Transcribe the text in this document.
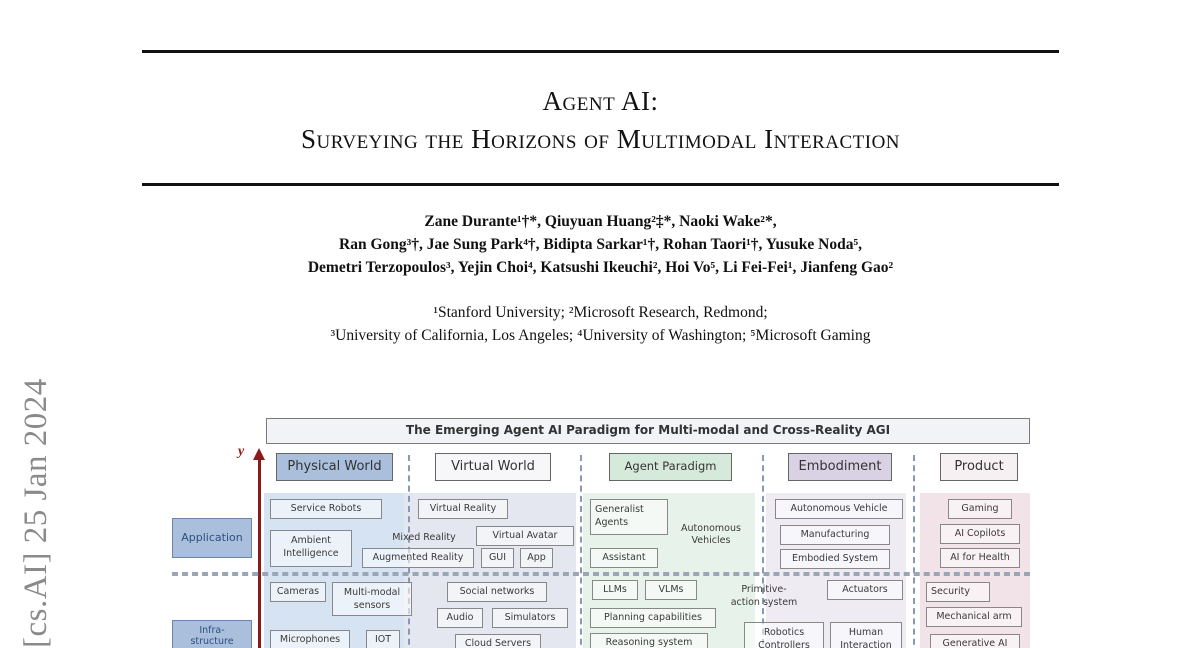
Agent AI:
Surveying the Horizons of Multimodal Interaction
Zane Durante¹†*, Qiuyuan Huang²‡*, Naoki Wake²*,
Ran Gong³†, Jae Sung Park⁴†, Bidipta Sarkar¹†, Rohan Taori¹†, Yusuke Noda⁵,
Demetri Terzopoulos³, Yejin Choi⁴, Katsushi Ikeuchi², Hoi Vo⁵, Li Fei-Fei¹, Jianfeng Gao²
¹Stanford University; ²Microsoft Research, Redmond;
³University of California, Los Angeles; ⁴University of Washington; ⁵Microsoft Gaming
[cs.AI] 25 Jan 2024	The Emerging Agent AI Paradigm for Multi-modal and Cross-Reality AGI
y
Physical World	Virtual World	Agent Paradigm	Embodiment	Product
Application
Infra-
structure
Service Robots
Ambient
Intelligence
Mixed Reality
Augmented Reality
Virtual Reality
Virtual Avatar
GUI	App
Generalist
Agents
Autonomous
Vehicles
Assistant
Autonomous Vehicle
Manufacturing
Embodied System
Gaming
AI Copilots
AI for Health
Cameras	Multi-modal
sensors
Microphones	IOT
Social networks
Audio	Simulators
Cloud Servers
LLMs	VLMs	Primitive-
action system
Planning capabilities
Reasoning system
Actuators
Robotics
Controllers
Human
Interaction
Security
Mechanical arm
Generative AI
